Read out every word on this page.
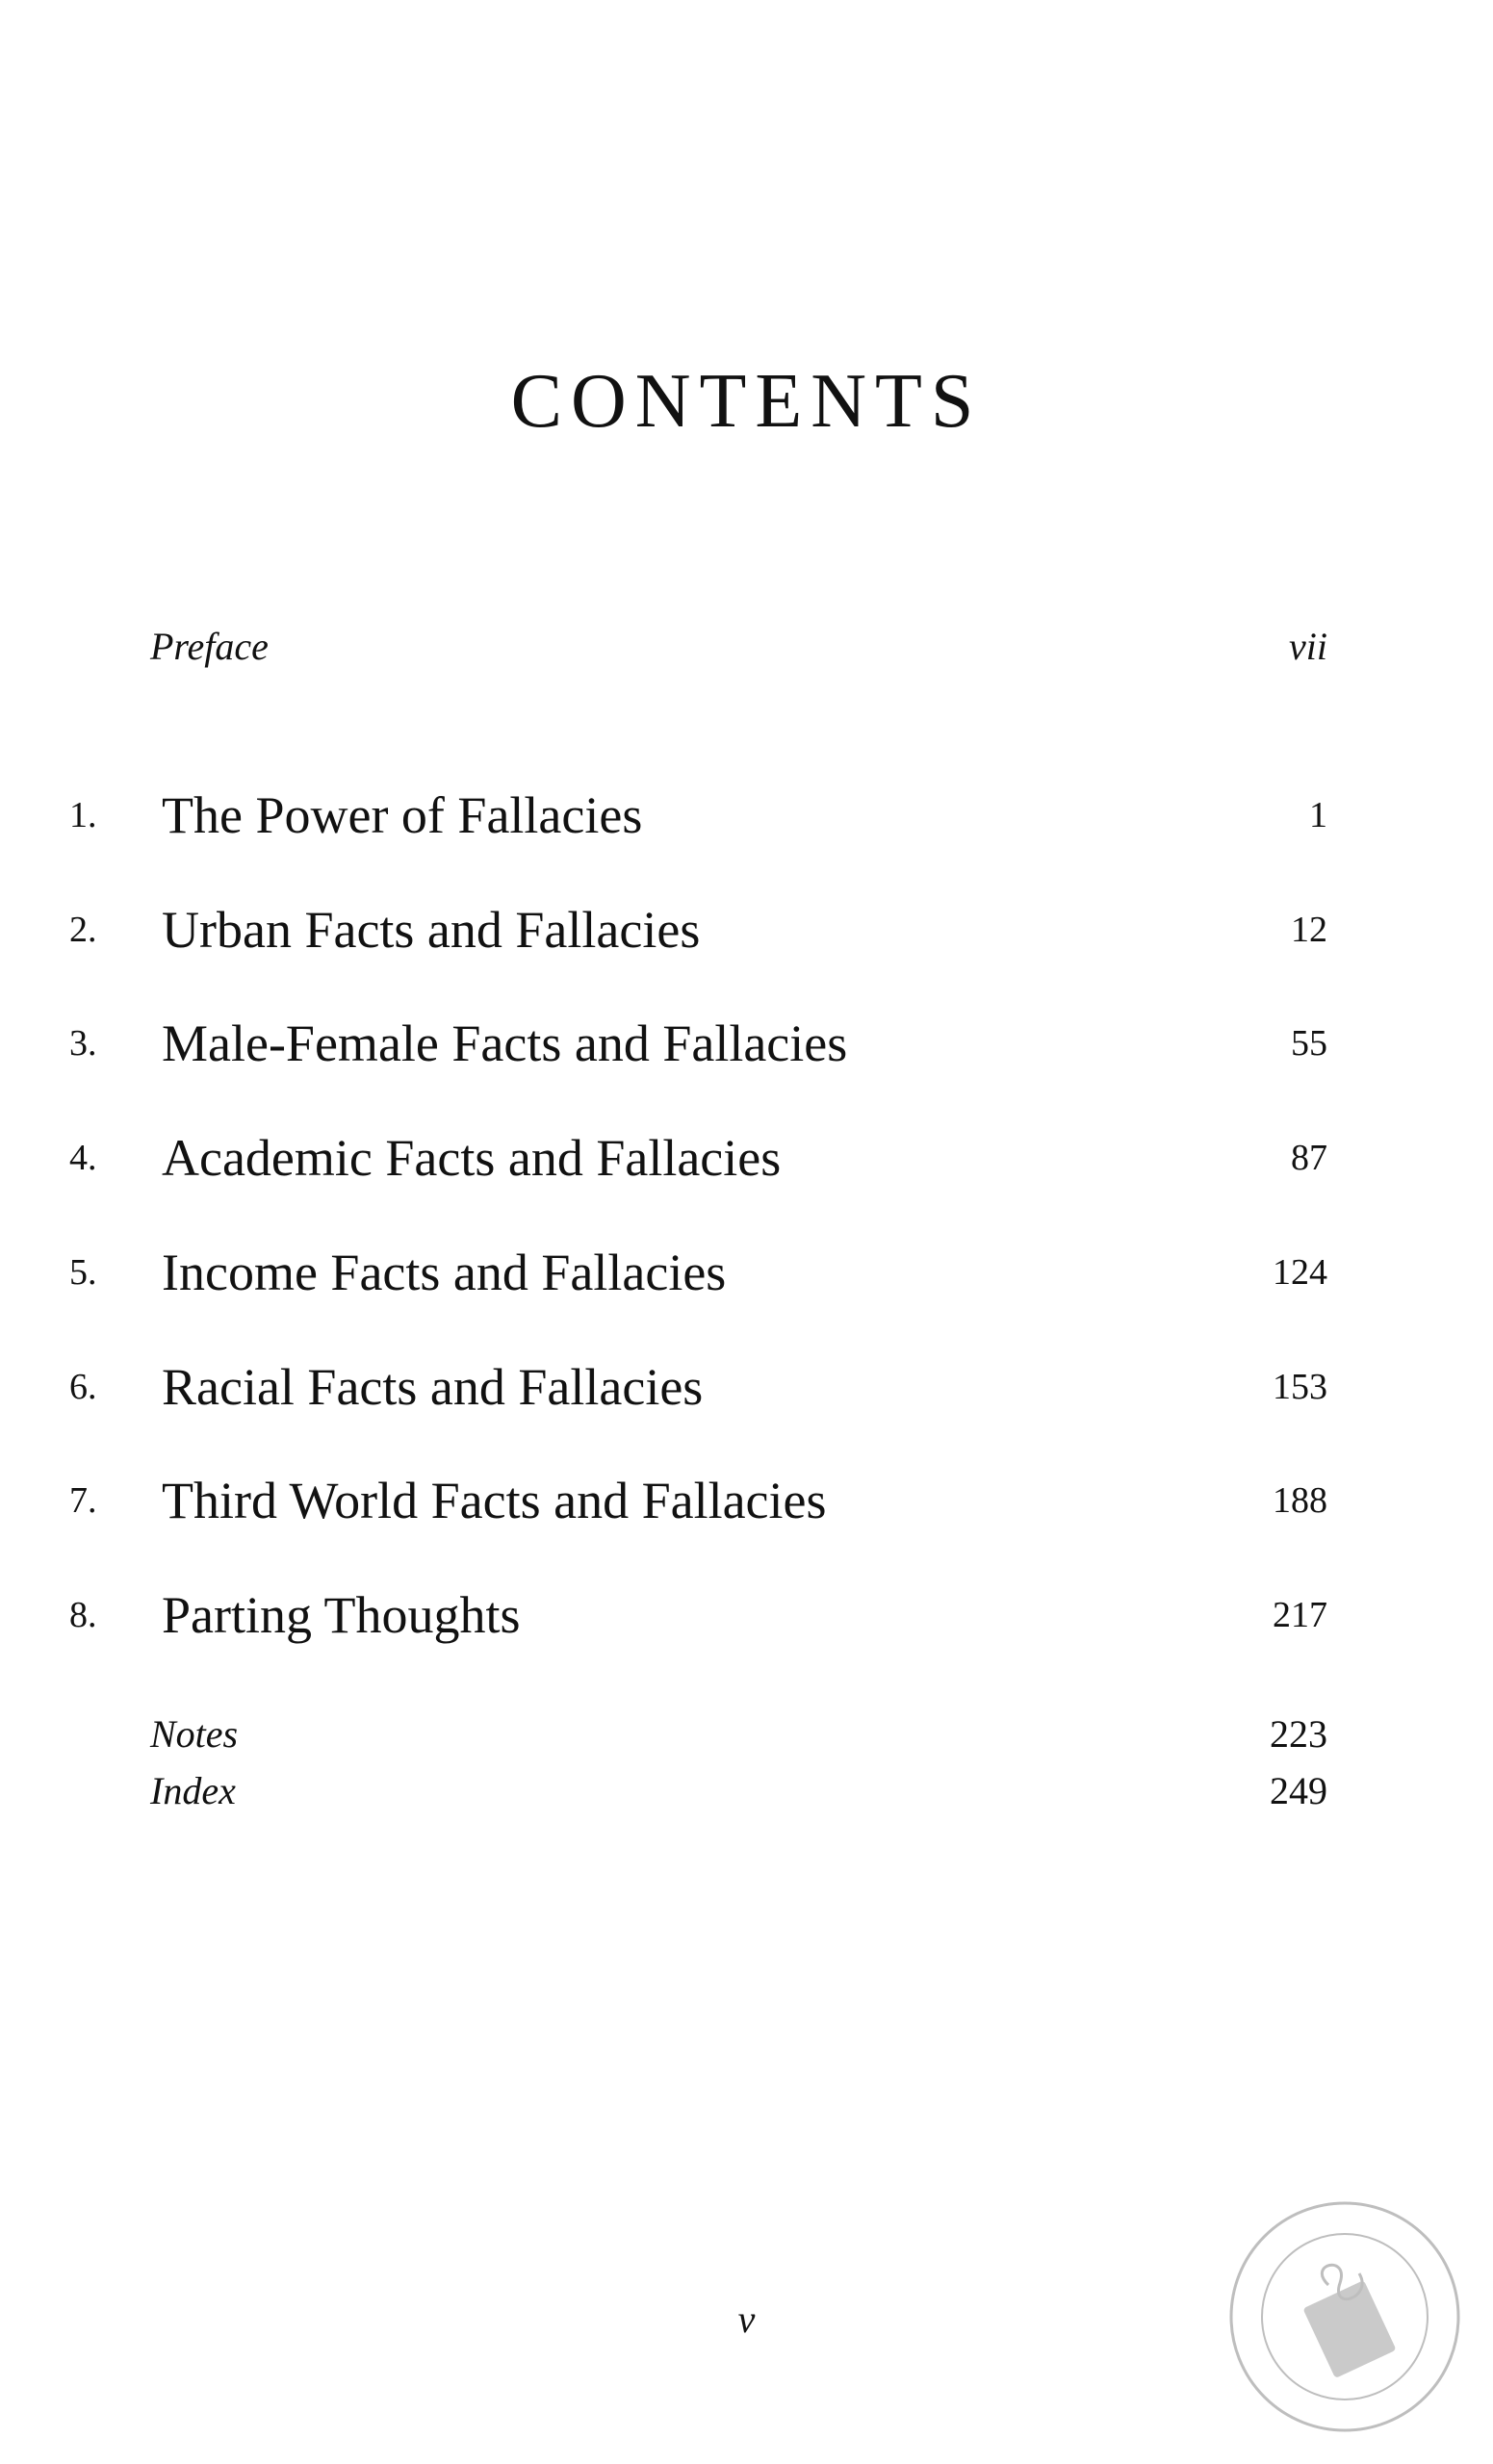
CONTENTS
Preface	vii
1. The Power of Fallacies	1
2. Urban Facts and Fallacies	12
3. Male-Female Facts and Fallacies	55
4. Academic Facts and Fallacies	87
5. Income Facts and Fallacies	124
6. Racial Facts and Fallacies	153
7. Third World Facts and Fallacies	188
8. Parting Thoughts	217
Notes	223
Index	249
v
